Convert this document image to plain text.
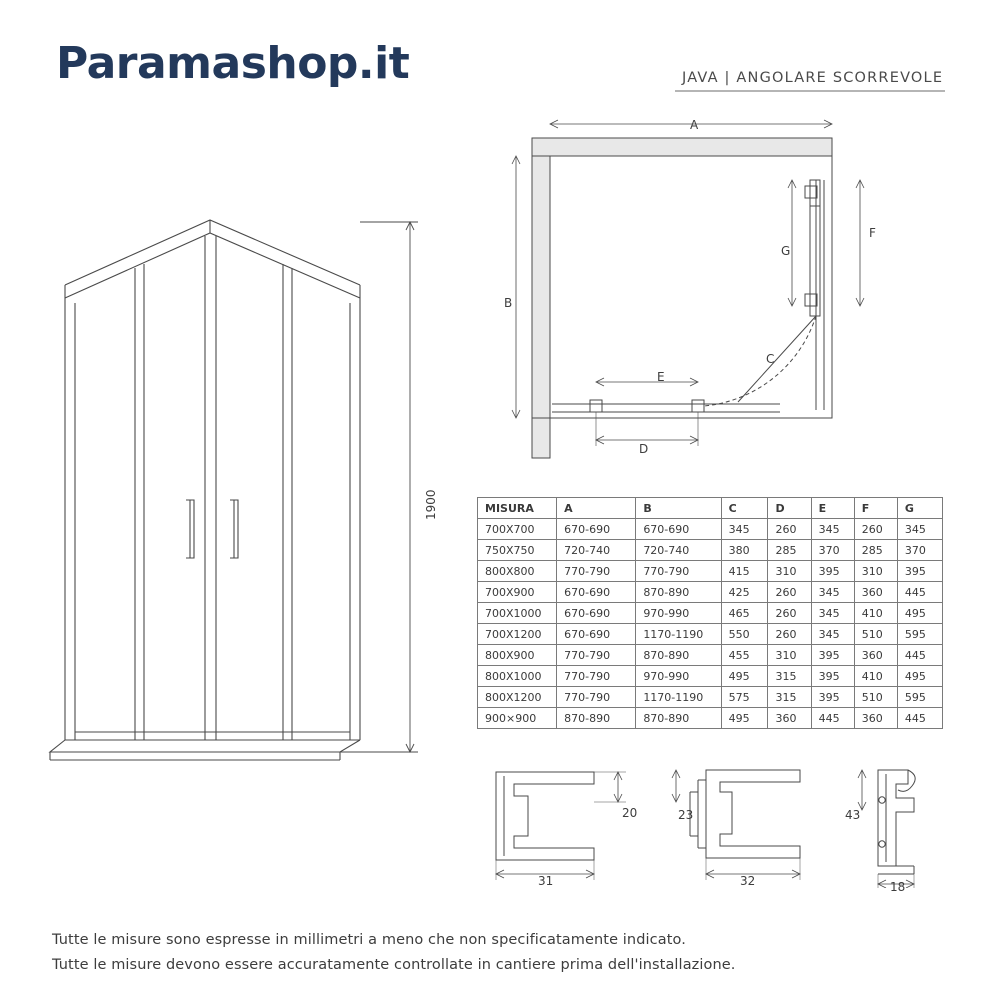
Paramashop.it	JAVA | ANGOLARE SCORREVOLE
1900
A
B
C
D
E
F
G
MISURA	A	B	C	D	E	F	G
700X700	670-690	670-690	345	260	345	260	345
750X750	720-740	720-740	380	285	370	285	370
800X800	770-790	770-790	415	310	395	310	395
700X900	670-690	870-890	425	260	345	360	445
700X1000	670-690	970-990	465	260	345	410	495
700X1200	670-690	1170-1190	550	260	345	510	595
800X900	770-790	870-890	455	310	395	360	445
800X1000	770-790	970-990	495	315	395	410	495
800X1200	770-790	1170-1190	575	315	395	510	595
900×900	870-890	870-890	495	360	445	360	445
20
31
23
32
43
18
Tutte le misure sono espresse in millimetri a meno che non specificatamente indicato.
Tutte le misure devono essere accuratamente controllate in cantiere prima dell'installazione.
